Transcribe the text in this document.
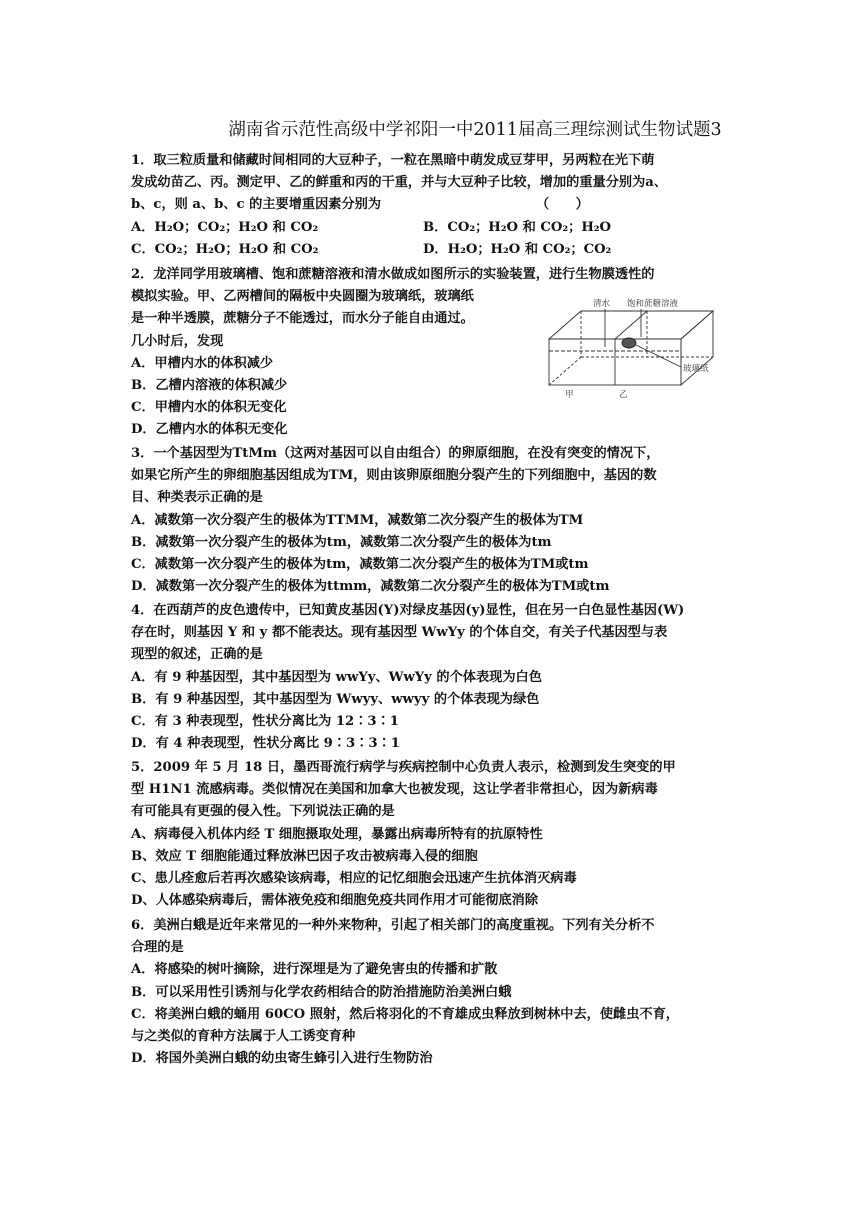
湖南省示范性高级中学祁阳一中2011届高三理综测试生物试题3
1．取三粒质量和储藏时间相同的大豆种子，一粒在黑暗中萌发成豆芽甲，另两粒在光下萌
发成幼苗乙、丙。测定甲、乙的鲜重和丙的干重，并与大豆种子比较，增加的重量分别为a、
b、c，则 a、b、c 的主要增重因素分别为	（　　）
A．H₂O；CO₂；H₂O 和 CO₂	B．CO₂；H₂O 和 CO₂；H₂O
C．CO₂；H₂O；H₂O 和 CO₂	D．H₂O；H₂O 和 CO₂；CO₂
2．龙洋同学用玻璃槽、饱和蔗糖溶液和清水做成如图所示的实验装置，进行生物膜透性的
模拟实验。甲、乙两槽间的隔板中央圆圈为玻璃纸，玻璃纸
是一种半透膜，蔗糖分子不能透过，而水分子能自由通过。
几小时后，发现
A．甲槽内水的体积减少
B．乙槽内溶液的体积减少
C．甲槽内水的体积无变化
D．乙槽内水的体积无变化
清水 饱和蔗糖溶液
玻璃纸
甲	乙
3．一个基因型为TtMm（这两对基因可以自由组合）的卵原细胞，在没有突变的情况下，
如果它所产生的卵细胞基因组成为TM，则由该卵原细胞分裂产生的下列细胞中，基因的数
目、种类表示正确的是
A．减数第一次分裂产生的极体为TTMM，减数第二次分裂产生的极体为TM
B．减数第一次分裂产生的极体为tm，减数第二次分裂产生的极体为tm
C．减数第一次分裂产生的极体为tm，减数第二次分裂产生的极体为TM或tm
D．减数第一次分裂产生的极体为ttmm，减数第二次分裂产生的极体为TM或tm
4．在西葫芦的皮色遗传中，已知黄皮基因(Y)对绿皮基因(y)显性，但在另一白色显性基因(W)
存在时，则基因 Y 和 y 都不能表达。现有基因型 WwYy 的个体自交，有关子代基因型与表
现型的叙述，正确的是
A．有 9 种基因型，其中基因型为 wwYy、WwYy 的个体表现为白色
B．有 9 种基因型，其中基因型为 Wwyy、wwyy 的个体表现为绿色
C．有 3 种表现型，性状分离比为 12∶3∶1
D．有 4 种表现型，性状分离比 9∶3∶3∶1
5．2009 年 5 月 18 日，墨西哥流行病学与疾病控制中心负责人表示，检测到发生突变的甲
型 H1N1 流感病毒。类似情况在美国和加拿大也被发现，这让学者非常担心，因为新病毒
有可能具有更强的侵入性。下列说法正确的是
A、病毒侵入机体内经 T 细胞摄取处理，暴露出病毒所特有的抗原特性
B、效应 T 细胞能通过释放淋巴因子攻击被病毒入侵的细胞
C、患儿痊愈后若再次感染该病毒，相应的记忆细胞会迅速产生抗体消灭病毒
D、人体感染病毒后，需体液免疫和细胞免疫共同作用才可能彻底消除
6．美洲白蛾是近年来常见的一种外来物种，引起了相关部门的高度重视。下列有关分析不
合理的是
A．将感染的树叶摘除，进行深埋是为了避免害虫的传播和扩散
B．可以采用性引诱剂与化学农药相结合的防治措施防治美洲白蛾
C．将美洲白蛾的蛹用 60CO 照射，然后将羽化的不育雄成虫释放到树林中去，使雌虫不育，
与之类似的育种方法属于人工诱变育种
D．将国外美洲白蛾的幼虫寄生蜂引入进行生物防治
